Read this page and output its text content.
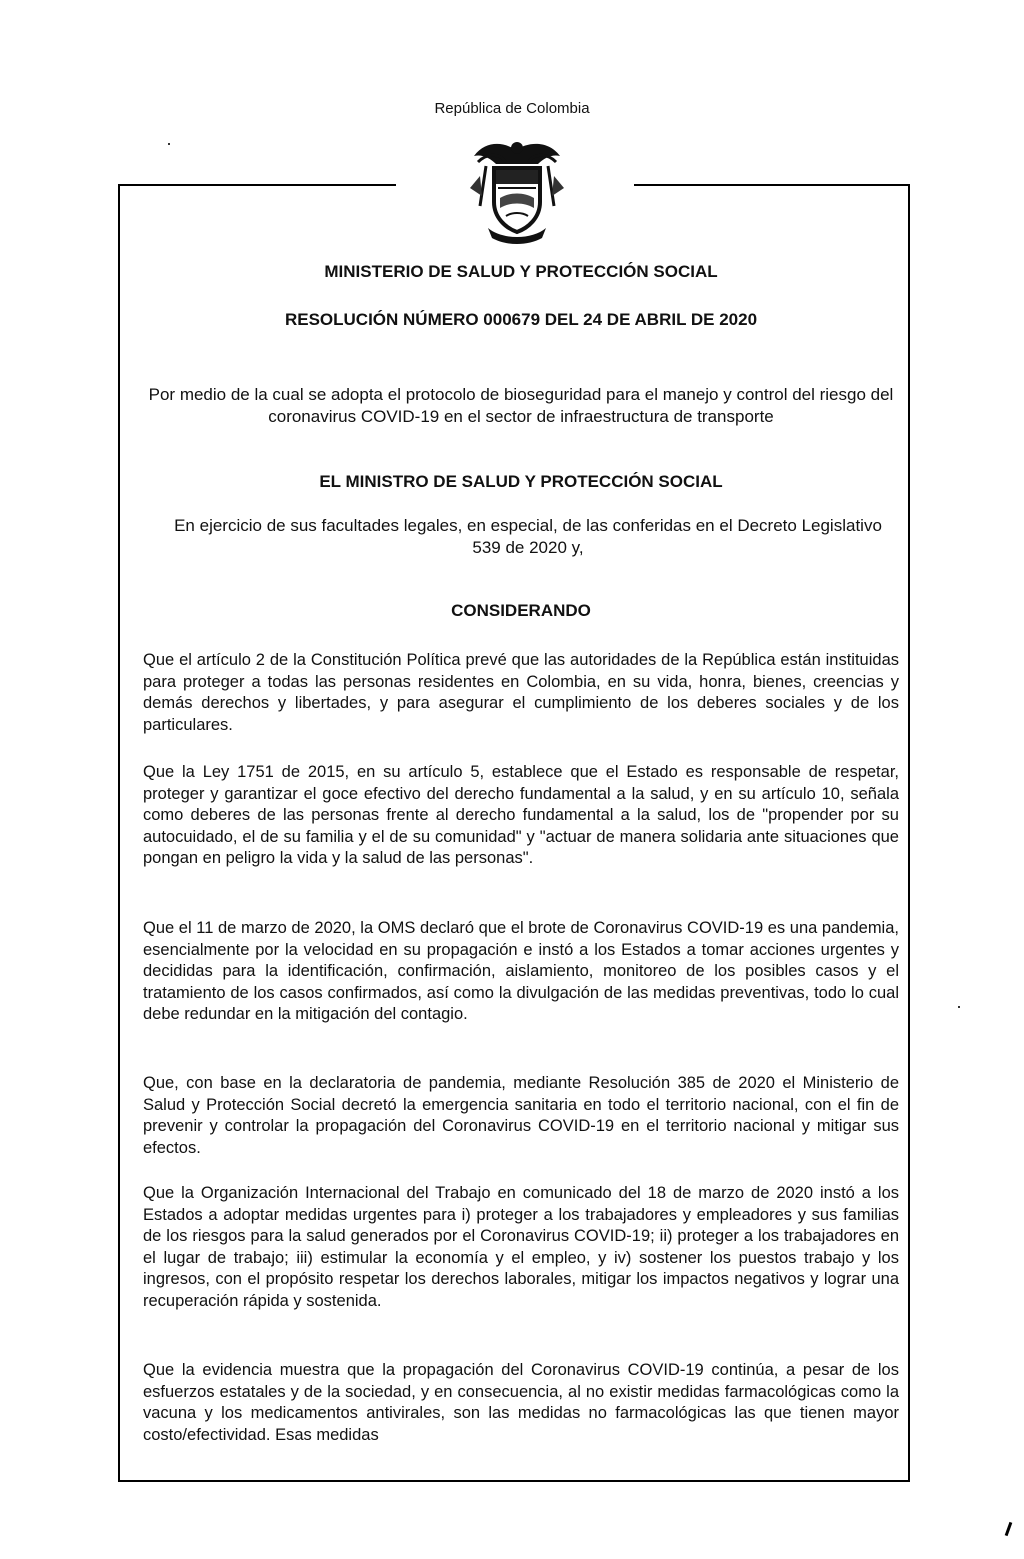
República de Colombia
MINISTERIO DE SALUD Y PROTECCIÓN SOCIAL
RESOLUCIÓN NÚMERO 000679 DEL 24 DE ABRIL DE 2020
Por medio de la cual se adopta el protocolo de bioseguridad para el manejo y control del riesgo del coronavirus COVID-19 en el sector de infraestructura de transporte
EL MINISTRO DE SALUD Y PROTECCIÓN SOCIAL
En ejercicio de sus facultades legales, en especial, de las conferidas en el Decreto Legislativo 539 de 2020 y,
CONSIDERANDO
Que el artículo 2 de la Constitución Política prevé que las autoridades de la República están instituidas para proteger a todas las personas residentes en Colombia, en su vida, honra, bienes, creencias y demás derechos y libertades, y para asegurar el cumplimiento de los deberes sociales y de los particulares.
Que la Ley 1751 de 2015, en su artículo 5, establece que el Estado es responsable de respetar, proteger y garantizar el goce efectivo del derecho fundamental a la salud, y en su artículo 10, señala como deberes de las personas frente al derecho fundamental a la salud, los de "propender por su autocuidado, el de su familia y el de su comunidad" y "actuar de manera solidaria ante situaciones que pongan en peligro la vida y la salud de las personas".
Que el 11 de marzo de 2020, la OMS declaró que el brote de Coronavirus COVID-19 es una pandemia, esencialmente por la velocidad en su propagación e instó a los Estados a tomar acciones urgentes y decididas para la identificación, confirmación, aislamiento, monitoreo de los posibles casos y el tratamiento de los casos confirmados, así como la divulgación de las medidas preventivas, todo lo cual debe redundar en la mitigación del contagio.
Que, con base en la declaratoria de pandemia, mediante Resolución 385 de 2020 el Ministerio de Salud y Protección Social decretó la emergencia sanitaria en todo el territorio nacional, con el fin de prevenir y controlar la propagación del Coronavirus COVID-19 en el territorio nacional y mitigar sus efectos.
Que la Organización Internacional del Trabajo en comunicado del 18 de marzo de 2020 instó a los Estados a adoptar medidas urgentes para i) proteger a los trabajadores y empleadores y sus familias de los riesgos para la salud generados por el Coronavirus COVID-19; ii) proteger a los trabajadores en el lugar de trabajo; iii) estimular la economía y el empleo, y iv) sostener los puestos trabajo y los ingresos, con el propósito respetar los derechos laborales, mitigar los impactos negativos y lograr una recuperación rápida y sostenida.
Que la evidencia muestra que la propagación del Coronavirus COVID-19 continúa, a pesar de los esfuerzos estatales y de la sociedad, y en consecuencia, al no existir medidas farmacológicas como la vacuna y los medicamentos antivirales, son las medidas no farmacológicas las que tienen mayor costo/efectividad. Esas medidas
